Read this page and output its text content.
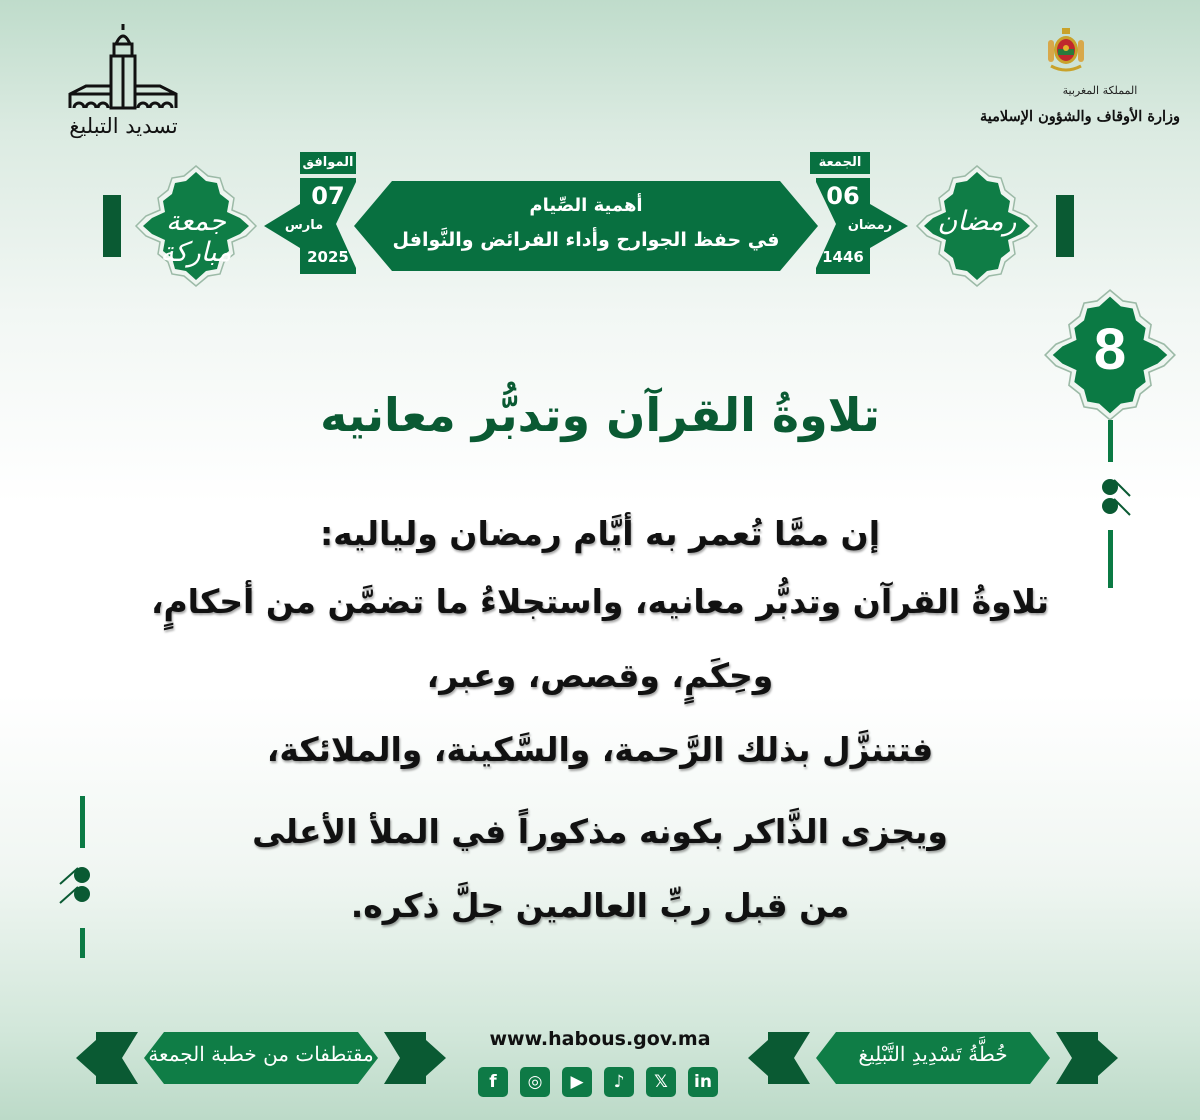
تسديد التبليغ
المملكة المغربية
وزارة الأوقاف والشؤون الإسلامية
جمعة مباركة
رمضان
الموافق
07
مارس
2025
أهمية الصِّيام
في حفظ الجوارح وأداء الفرائض والنَّوافل
الجمعة
06
رمضان
1446
8
تلاوةُ القرآن وتدبُّر معانيه
إن ممَّا تُعمر به أيَّام رمضان ولياليه:
تلاوةُ القرآن وتدبُّر معانيه، واستجلاءُ ما تضمَّن من أحكامٍ،
وحِكَمٍ، وقصص، وعبر،
فتتنزَّل بذلك الرَّحمة، والسَّكينة، والملائكة،
ويجزى الذَّاكر بكونه مذكوراً في الملأ الأعلى
من قبل ربِّ العالمين جلَّ ذكره.
مقتطفات من خطبة الجمعة
www.habous.gov.ma
f	◎	▶	♪	𝕏	in
خُطَّةُ تَسْدِيدِ التَّبْلِيغ
